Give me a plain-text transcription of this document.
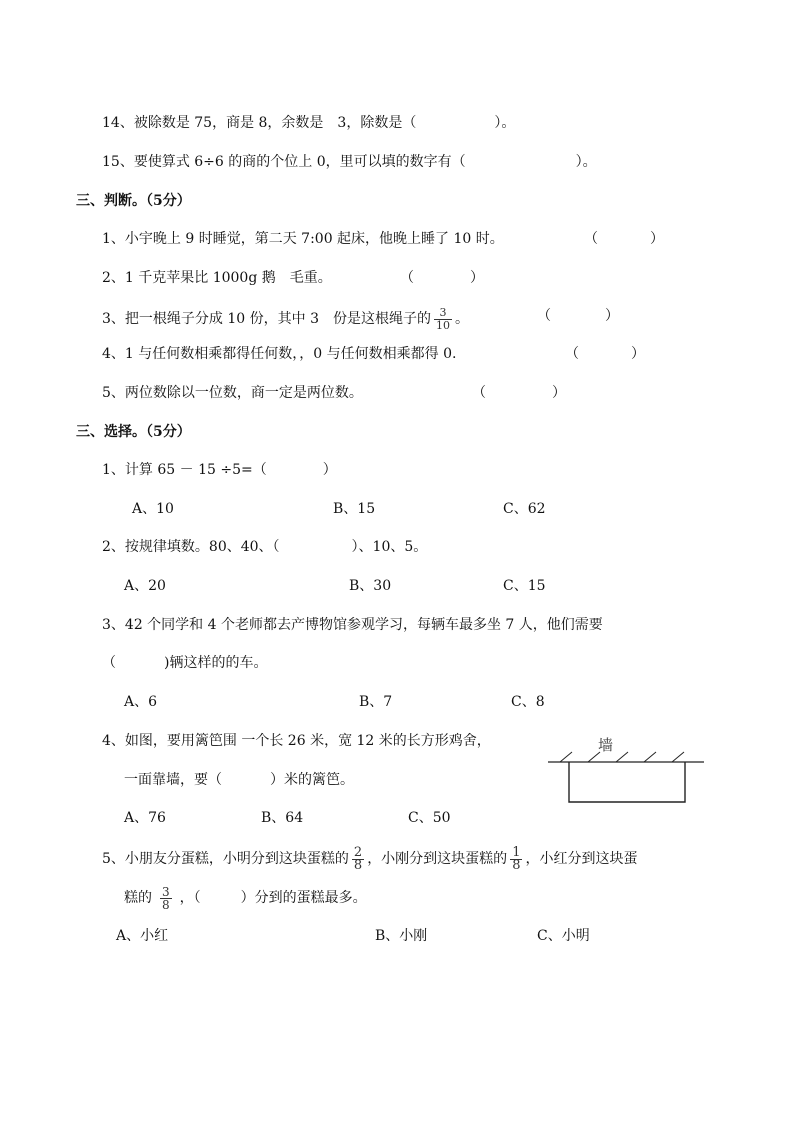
14、被除数是 75，商是 8，余数是　3，除数是（	）。
15、要使算式 6÷6 的商的个位上 0，里可以填的数字有（	）。
三、判断。（5分）
1、小宇晚上 9 时睡觉，第二天 7:00 起床，他晚上睡了 10 时。	（	）
2、1 千克苹果比 1000g 鹅　毛重。	（	）
3、把一根绳子分成 10 份，其中 3　份是这根绳子的 $\frac{3}{10}$ 。	（	）
4、1 与任何数相乘都得任何数，，0 与任何数相乘都得 0.	（	）
5、两位数除以一位数，商一定是两位数。	（	）
三、选择。（5分）
1、计算 65 － 15 ÷5=（	）
A、10	B、15	C、62
2、按规律填数。80、40、（	）、10、5。
A、20	B、30	C、15
3、42 个同学和 4 个老师都去产博物馆参观学习，每辆车最多坐 7 人，他们需要
（	)辆这样的的车。
A、6	B、7	C、8
4、如图，要用篱笆围 一个长 26 米，宽 12 米的长方形鸡舍，
一面靠墙，要（	）米的篱笆。
A、76	B、64	C、50
墙
5、小朋友分蛋糕，小明分到这块蛋糕的 $\frac{2}{8}$ ，小刚分到这块蛋糕的 $\frac{1}{8}$ ，小红分到这块蛋
糕的 $\frac{3}{8}$ ，（	）分到的蛋糕最多。
A、小红	B、小刚	C、小明
